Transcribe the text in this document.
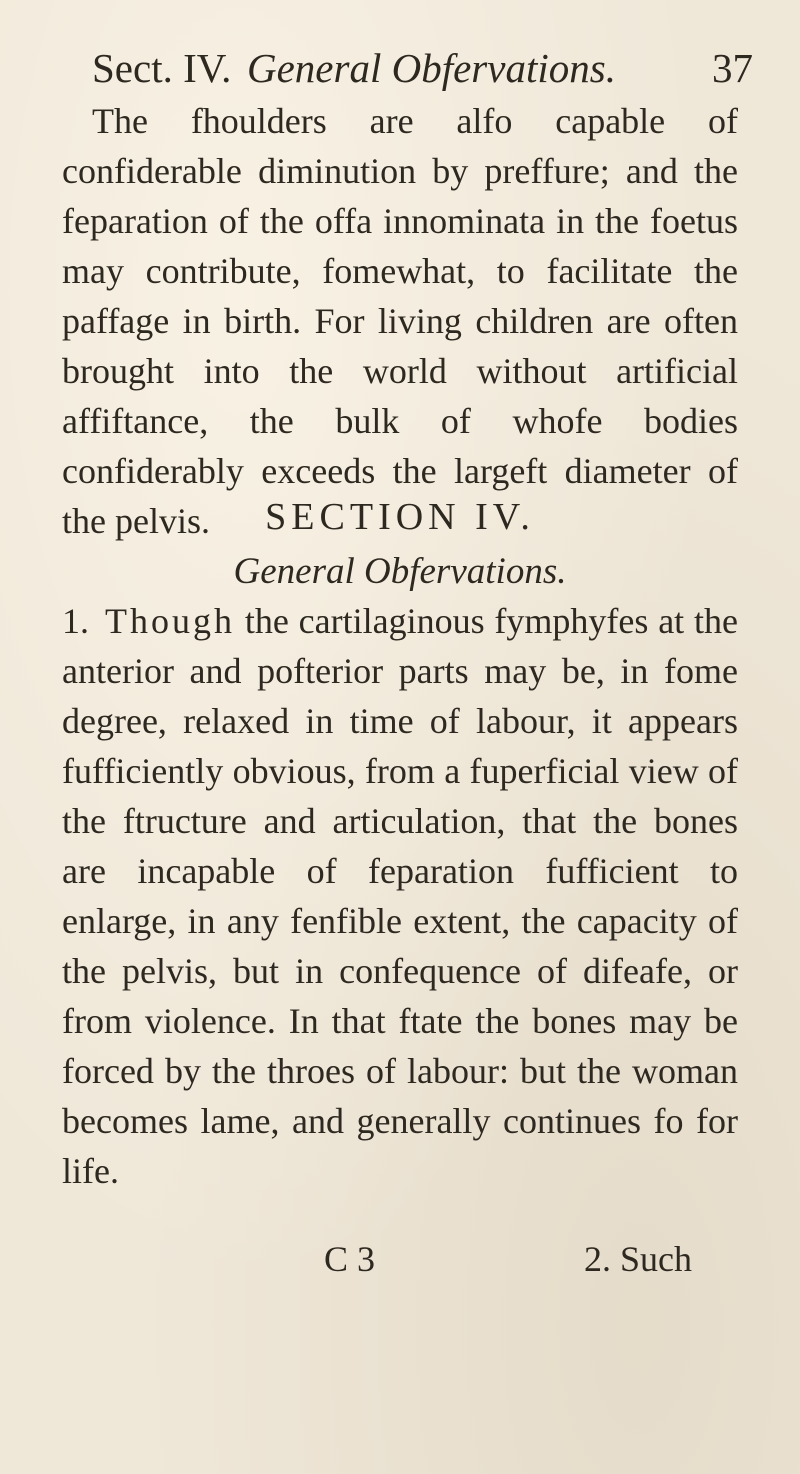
Sect. IV. General Obfervations. 37

The fhoulders are alfo capable of confiderable diminution by preffure; and the feparation of the offa innominata in the foetus may contribute, fomewhat, to facilitate the paffage in birth. For living children are often brought into the world without artificial affiftance, the bulk of whofe bodies confiderably exceeds the largeft diameter of the pelvis.	SECTION IV.
General Obfervations.

1. Though the cartilaginous fymphyfes at the anterior and pofterior parts may be, in fome degree, relaxed in time of labour, it appears fufficiently obvious, from a fuperficial view of the ftructure and articulation, that the bones are incapable of feparation fufficient to enlarge, in any fenfible extent, the capacity of the pelvis, but in confequence of difeafe, or from violence. In that ftate the bones may be forced by the throes of labour: but the woman becomes lame, and generally continues fo for life.

C 3	2. Such
